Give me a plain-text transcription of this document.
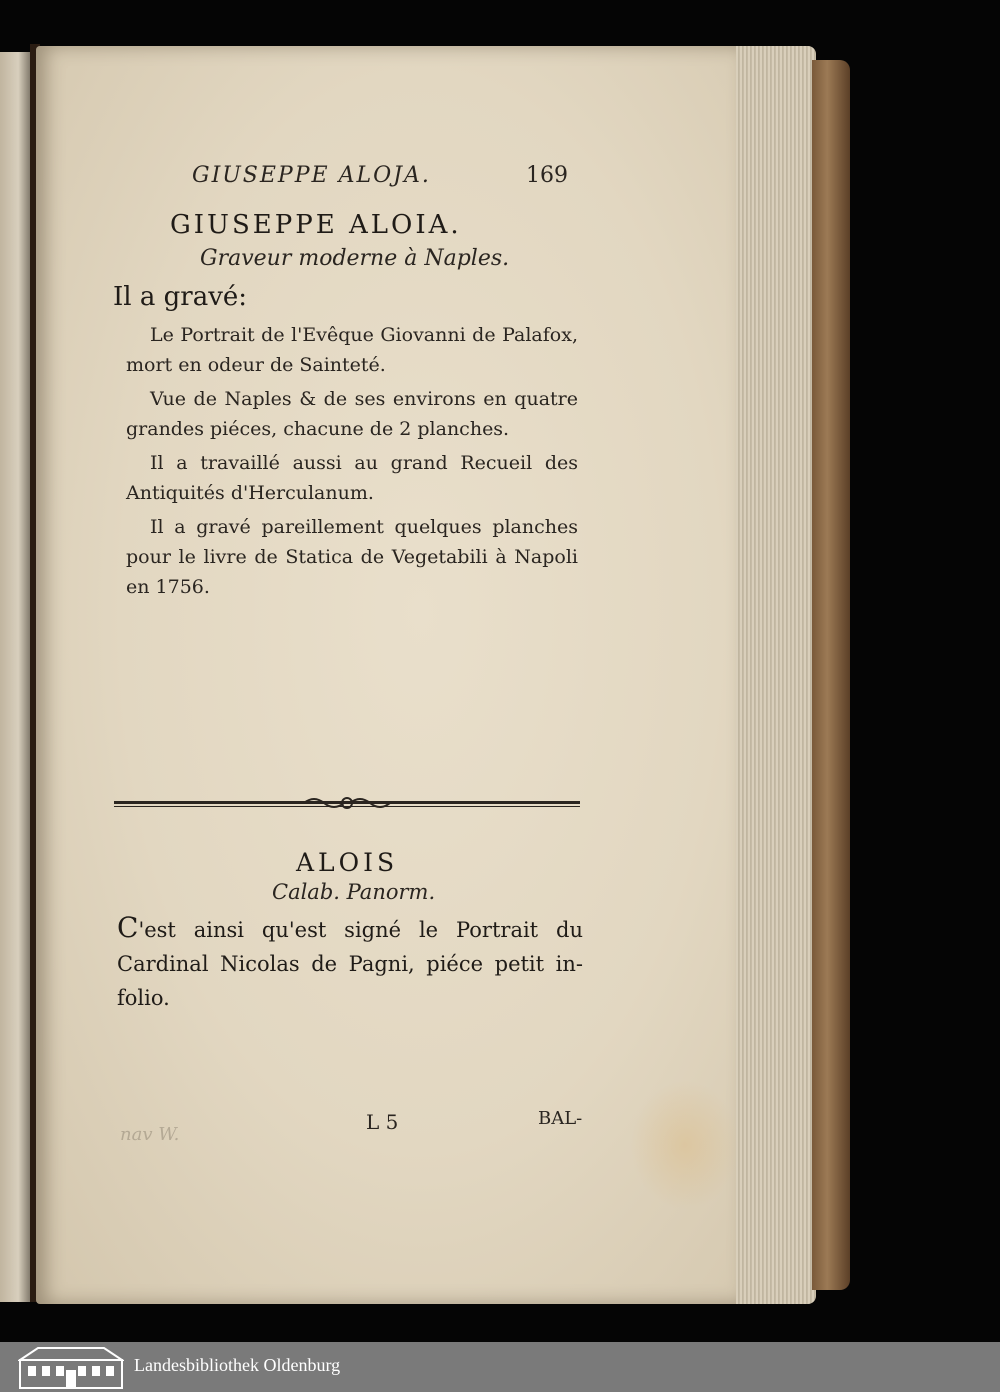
GIUSEPPE ALOJA.	169
GIUSEPPE ALOIA.
Graveur moderne à Naples.
Il a gravé:

Le Portrait de l'Evêque Giovanni de Palafox, mort en odeur de Sainteté.

Vue de Naples & de ses environs en quatre grandes piéces, chacune de 2 planches.

Il a travaillé aussi au grand Recueil des Antiquités d'Herculanum.

Il a gravé pareillement quelques planches pour le livre de Statica de Vegetabili à Napoli en 1756.

ALOIS
Calab. Panorm.

C'est ainsi qu'est signé le Portrait du Cardinal Nicolas de Pagni, piéce petit in-folio.

nav W.
L 5	BAL-
Landesbibliothek Oldenburg
